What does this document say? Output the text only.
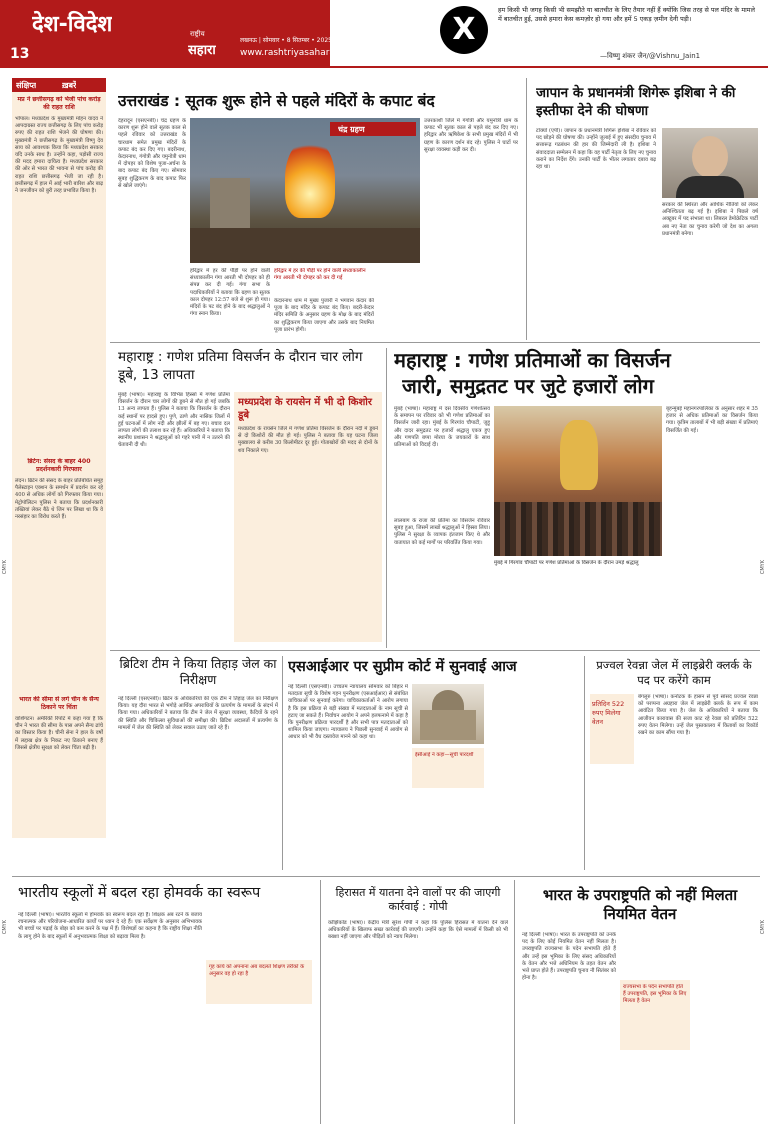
देश-विदेश
13
राष्ट्रीय
सहारा
लखनऊ | सोमवार • 8 सितम्बर • 2025
www.rashtriyasahara.com
X
हम किसी भी जगह किसी भी समझौते या बातचीत के लिए तैयार नहीं हैं क्योंकि जिस तरह से पल मंदिर के मामले में बातचीत हुई, उससे हमारा केस कमज़ोर हो गया और हमें 5 एकड़ ज़मीन देनी पड़ी।
—विष्णु शंकर जैन/@Vishnu_Jain1
CMYK
CMYK
CMYK
CMYK
संक्षिप्त	ख़बरें
मप्र ने छत्तीसगढ़ को भेजी पांच करोड़ की राहत राशि
भोपाल। मध्यप्रदेश के मुख्यमंत्री मोहन यादव ने आपदाग्रस्त राज्य छत्तीसगढ़ के लिए पांच करोड़ रुपए की राहत राशि भेजने की घोषणा की। मुख्यमंत्री ने छत्तीसगढ़ के मुख्यमंत्री विष्णु देव साय को आवश्यक किया कि मध्यप्रदेश सरकार यदि उनके साथ है। उन्होंने कहा, पड़ोसी राज्य की मदद हमारा दायित्व है। मध्यप्रदेश सरकार की ओर से भारत की भावना से पांच करोड़ की राहत राशि छत्तीसगढ़ भेजी जा रही है। छत्तीसगढ़ में हाल में आई भारी बारिश और बाढ़ ने जनजीवन को बुरी तरह प्रभावित किया है।
ब्रिटेन: संसद के बाहर 400 प्रदर्शनकारी गिरफ्तार
लंदन। ब्रिटेन की संसद के बाहर प्रतिबंधित समूह पैलेस्टाइन एक्शन के समर्थन में प्रदर्शन कर रहे 400 से अधिक लोगों को गिरफ्तार किया गया। मेट्रोपॉलिटन पुलिस ने बताया कि प्रदर्शनकारी तख्तियां लेकर बैठे थे जिन पर लिखा था कि वे नरसंहार का विरोध करते हैं।
भारत की सीमा से लगे चीन के सैन्य ठिकाने पर चिंता
वाशिंगटन। अमेरिकी रिपोर्ट में कहा गया है कि चीन ने भारत की सीमा के पास अपने सैन्य ढांचे का विस्तार किया है। चीनी सेना ने हाल के वर्षों में लद्दाख क्षेत्र के निकट नए ठिकाने बनाए हैं जिससे क्षेत्रीय सुरक्षा को लेकर चिंता बढ़ी है।
उत्तराखंड : सूतक शुरू होने से पहले मंदिरों के कपाट बंद
चंद्र ग्रहण
देहरादून (एसएनबी)। चंद्र ग्रहण के कारण शुरू होने वाले सूतक काल से पहले रविवार को उत्तराखंड के चारधाम समेत प्रमुख मंदिरों के कपाट बंद कर दिए गए। बदरीनाथ, केदारनाथ, गंगोत्री और यमुनोत्री धाम में दोपहर को विशेष पूजा-अर्चना के बाद कपाट बंद किए गए। सोमवार सुबह शुद्धिकरण के बाद कपाट फिर से खोले जाएंगे।
हरिद्वार में हर की पौड़ी पर होने वाली संध्याकालीन गंगा आरती भी दोपहर को ही संपन्न कर दी गई। गंगा सभा के पदाधिकारियों ने बताया कि ग्रहण का सूतक काल दोपहर 12:57 बजे से शुरू हो गया। मंदिरों के पट बंद होने के बाद श्रद्धालुओं ने गंगा स्नान किया।
हरिद्वार में हर की पौड़ी पर होने वाली संध्याकालीन गंगा आरती भी दोपहर को कर दी गई
केदारनाथ धाम में मुख्य पुजारी ने भगवान केदार की पूजा के बाद मंदिर के कपाट बंद किए। बदरी-केदार मंदिर समिति के अनुसार ग्रहण के मोक्ष के बाद मंदिरों का शुद्धिकरण किया जाएगा और उसके बाद नियमित पूजा प्रारंभ होगी।
उत्तरकाशी जिले में गंगोत्री और यमुनोत्री धाम के कपाट भी सूतक काल से पहले बंद कर दिए गए। हरिद्वार और ऋषिकेश के सभी प्रमुख मंदिरों में भी ग्रहण के कारण दर्शन बंद रहे। पुलिस ने घाटों पर सुरक्षा व्यवस्था कड़ी कर दी।
जापान के प्रधानमंत्री शिगेरू इशिबा ने की इस्तीफा देने की घोषणा
टोक्यो (एपी)। जापान के प्रधानमंत्री शिगेरू इशिबा ने रविवार को पद छोड़ने की घोषणा की। उन्होंने जुलाई में हुए संसदीय चुनाव में सत्तारूढ़ गठबंधन की हार की जिम्मेदारी ली है। इशिबा ने संवाददाता सम्मेलन में कहा कि वह पार्टी नेतृत्व के लिए नए चुनाव कराने का निर्देश देंगे। उनकी पार्टी के भीतर लगातार दबाव बढ़ रहा था।
सरकार की स्थिरता और आर्थिक नीतियों को लेकर अनिश्चितता बढ़ गई है। इशिबा ने पिछले वर्ष अक्टूबर में पद संभाला था। लिबरल डेमोक्रेटिक पार्टी अब नए नेता का चुनाव करेगी जो देश का अगला प्रधानमंत्री बनेगा।
महाराष्ट्र : गणेश प्रतिमा विसर्जन के दौरान चार लोग डूबे, 13 लापता
मुंबई (भाषा)। महाराष्ट्र के विभिन्न हिस्सों में गणेश प्रतिमा विसर्जन के दौरान चार लोगों की डूबने से मौत हो गई जबकि 13 अन्य लापता हैं। पुलिस ने बताया कि विसर्जन के दौरान कई स्थानों पर हादसे हुए। पुणे, ठाणे और नासिक जिलों में हुई घटनाओं में लोग नदी और झीलों में बह गए। बचाव दल लापता लोगों की तलाश कर रहे हैं। अधिकारियों ने बताया कि स्थानीय प्रशासन ने श्रद्धालुओं को गहरे पानी में न उतरने की चेतावनी दी थी।
मध्यप्रदेश के रायसेन में भी दो किशोर डूबे
मध्यप्रदेश के रायसेन जिले में गणेश प्रतिमा विसर्जन के दौरान नदी में डूबने से दो किशोरों की मौत हो गई। पुलिस ने बताया कि यह घटना जिला मुख्यालय से करीब 30 किलोमीटर दूर हुई। गोताखोरों की मदद से दोनों के शव निकाले गए।
महाराष्ट्र : गणेश प्रतिमाओं का विसर्जन
जारी, समुद्रतट पर जुटे हजारों लोग
मुंबई (भाषा)। महाराष्ट्र में दस दिवसीय गणेशोत्सव के समापन पर रविवार को भी गणेश प्रतिमाओं का विसर्जन जारी रहा। मुंबई के गिरगांव चौपाटी, जुहू और दादर समुद्रतट पर हजारों श्रद्धालु एकत्र हुए और गणपति बप्पा मोरया के जयकारों के साथ प्रतिमाओं को विदाई दी।
लालबाग के राजा की प्रतिमा का विसर्जन रविवार सुबह हुआ, जिसमें लाखों श्रद्धालुओं ने हिस्सा लिया। पुलिस ने सुरक्षा के व्यापक इंतजाम किए थे और यातायात को कई मार्गों पर परिवर्तित किया गया।
मुंबई में गिरगांव चौपाटी पर गणेश प्रतिमाओं के विसर्जन के दौरान उमड़े श्रद्धालु
बृहन्मुंबई महानगरपालिका के अनुसार शहर में 35 हजार से अधिक प्रतिमाओं का विसर्जन किया गया। कृत्रिम तालाबों में भी बड़ी संख्या में प्रतिमाएं विसर्जित की गईं।
ब्रिटिश टीम ने किया तिहाड़ जेल का निरीक्षण
नई दिल्ली (एसएनबी)। ब्रिटेन के अधिकारियों की एक टीम ने तिहाड़ जेल का निरीक्षण किया। यह दौरा भारत से भगोड़े आर्थिक अपराधियों के प्रत्यर्पण के मामलों के संदर्भ में किया गया। अधिकारियों ने बताया कि टीम ने जेल में सुरक्षा व्यवस्था, कैदियों के रहने की स्थिति और चिकित्सा सुविधाओं की समीक्षा की। ब्रिटिश अदालतों में प्रत्यर्पण के मामलों में जेल की स्थिति को लेकर सवाल उठाए जाते रहे हैं।
एसआईआर पर सुप्रीम कोर्ट में सुनवाई आज
नई दिल्ली (एसएनबी)। उच्चतम न्यायालय सोमवार को बिहार में मतदाता सूची के विशेष गहन पुनरीक्षण (एसआईआर) से संबंधित याचिकाओं पर सुनवाई करेगा। याचिकाकर्ताओं ने आरोप लगाया है कि इस प्रक्रिया से बड़ी संख्या में मतदाताओं के नाम सूची से हटाए जा सकते हैं। निर्वाचन आयोग ने अपने हलफनामे में कहा है कि पुनरीक्षण प्रक्रिया पारदर्शी है और सभी पात्र मतदाताओं को शामिल किया जाएगा। न्यायालय ने पिछली सुनवाई में आयोग से आधार को भी वैध दस्तावेज मानने को कहा था।
ईसीआई ने कहा—सूची पारदर्शी
प्रज्वल रेवन्ना जेल में लाइब्रेरी क्लर्क के पद पर करेंगे काम
प्रतिदिन 522 रुपए मिलेगा वेतन
बेंगलुरु (भाषा)। कर्नाटक के हासन से पूर्व सांसद प्रज्वल रेवन्ना को परप्पना अग्रहारा जेल में लाइब्रेरी क्लर्क के रूप में काम आवंटित किया गया है। जेल के अधिकारियों ने बताया कि आजीवन कारावास की सजा काट रहे रेवन्ना को प्रतिदिन 522 रुपए वेतन मिलेगा। उन्हें जेल पुस्तकालय में किताबों का रिकॉर्ड रखने का काम सौंपा गया है।
भारतीय स्कूलों में बदल रहा होमवर्क का स्वरूप
नई दिल्ली (भाषा)। भारतीय स्कूलों में होमवर्क का स्वरूप बदल रहा है। शिक्षक अब रटने के बजाय रचनात्मक और परियोजना-आधारित कार्यों पर ध्यान दे रहे हैं। एक सर्वेक्षण के अनुसार अभिभावक भी बच्चों पर पढ़ाई के बोझ को कम करने के पक्ष में हैं। विशेषज्ञों का कहना है कि राष्ट्रीय शिक्षा नीति के लागू होने के बाद स्कूलों में अनुभवात्मक शिक्षा को बढ़ावा मिला है।
गृह कार्य को अपनाना अब बदलते शिक्षण तरीकों के अनुसार वह हो रहा है
हिरासत में यातना देने वालों पर की जाएगी कार्रवाई : गोपी
कोझिकोड (भाषा)। केंद्रीय मंत्री सुरेश गोपी ने कहा कि पुलिस हिरासत में यातना देने वाले अधिकारियों के खिलाफ सख्त कार्रवाई की जाएगी। उन्होंने कहा कि ऐसे मामलों में किसी को भी बख्शा नहीं जाएगा और पीड़ितों को न्याय मिलेगा।
भारत के उपराष्ट्रपति को नहीं मिलता नियमित वेतन
नई दिल्ली (भाषा)। भारत के उपराष्ट्रपति को उनके पद के लिए कोई नियमित वेतन नहीं मिलता है। उपराष्ट्रपति राज्यसभा के पदेन सभापति होते हैं और उन्हें इस भूमिका के लिए संसद अधिकारियों के वेतन और भत्ते अधिनियम के तहत वेतन और भत्ते प्राप्त होते हैं। उपराष्ट्रपति चुनाव नौ सितंबर को होना है।
राज्यसभा के पदेन सभापति होते हैं उपराष्ट्रपति, इस भूमिका के लिए मिलता है वेतन
